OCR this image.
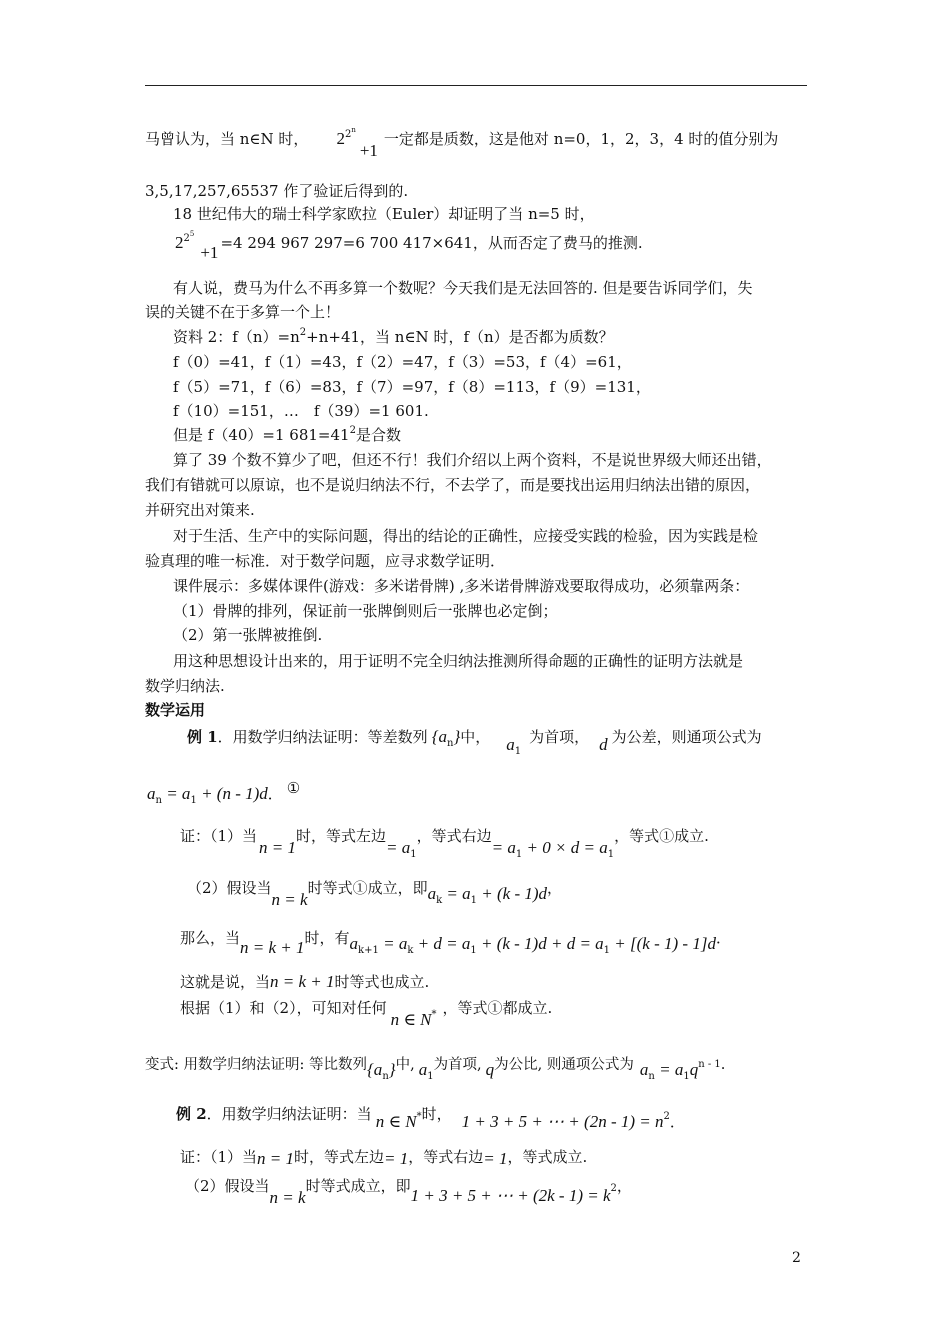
马曾认为，当 n∈N 时， $2^{2n}+1$一定都是质数，这是他对 n=0，1，2，3，4 时的值分别为
3,5,17,257,65537 作了验证后得到的.
18 世纪伟大的瑞士科学家欧拉（Euler）却证明了当 n=5 时，
$2^{25}+1 =4$ 294 967 297=6 700 417×641，从而否定了费马的推测.
有人说，费马为什么不再多算一个数呢？今天我们是无法回答的. 但是要告诉同学们，失
误的关键不在于多算一个上！
资料 2：$f(n)=n^2+n+41$，当 n∈N 时，f（n）是否都为质数？
f（0）=41，f（1）=43，f（2）=47，f（3）=53，f（4）=61，
f（5）=71，f（6）=83，f（7）=97，f（8）=113，f（9）=131，
f（10）=151，…　f（39）=1 601.
但是 f（40）=1 $681=41^2$是合数
算了 39 个数不算少了吧，但还不行！我们介绍以上两个资料，不是说世界级大师还出错，
我们有错就可以原谅，也不是说归纳法不行，不去学了，而是要找出运用归纳法出错的原因，
并研究出对策来.
对于生活、生产中的实际问题，得出的结论的正确性，应接受实践的检验，因为实践是检
验真理的唯一标准．对于数学问题，应寻求数学证明．
课件展示：多媒体课件(游戏：多米诺骨牌) ,多米诺骨牌游戏要取得成功，必须靠两条：
（1）骨牌的排列，保证前一张牌倒则后一张牌也必定倒；
（2）第一张牌被推倒.
用这种思想设计出来的，用于证明不完全归纳法推测所得命题的正确性的证明方法就是
数学归纳法.
数学运用
例 1．用数学归纳法证明：等差数列 $\{a_n\}$中， $a_1$为首项， d 为公差，则通项公式为
$a_n = a_1 + (n - 1)d$． ①
证：（1）当n = 1时，等式左边= $a_1$，等式右边= $a_1 + 0 \times d = a_1$，等式①成立.
（2）假设当n = k时等式①成立，即$a_k = a_1 + (k - 1)d$，
那么，当n = k + 1时，有$a_{k+1} = a_k + d = a_1 + (k - 1)d + d = a_1 + [(k - 1) - 1]d$．
这就是说，当n = k + 1时等式也成立.
根据（1）和（2），可知对任何n ∈ $N_*$ ，等式①都成立.
变式: 用数学归纳法证明: 等比数列$\{a_n\}$中, $a_1$为首项, q为公比, 则通项公式为 $a_n = a_1qn - 1$.
例 2．用数学归纳法证明：当 n ∈ N*时， 1 + 3 + 5 + ⋯ + (2n - 1) = n2．
证：（1）当n = 1时，等式左边= 1，等式右边= 1，等式成立.
（2）假设当n = k时等式成立，即1 + 3 + 5 + ⋯ + (2k - 1) = k2，
2
